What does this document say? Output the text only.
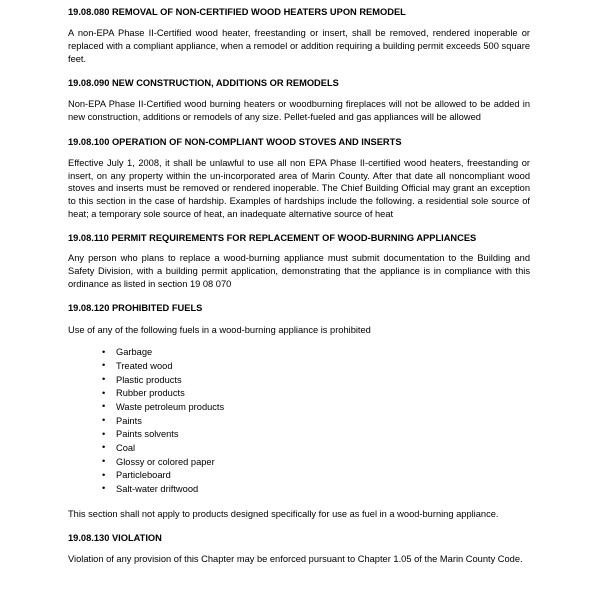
19.08.080 REMOVAL OF NON-CERTIFIED WOOD HEATERS UPON REMODEL

A non-EPA Phase II-Certified wood heater, freestanding or insert, shall be removed, rendered inoperable or replaced with a compliant appliance, when a remodel or addition requiring a building permit exceeds 500 square feet.

19.08.090 NEW CONSTRUCTION, ADDITIONS OR REMODELS

Non-EPA Phase II-Certified wood burning heaters or woodburning fireplaces will not be allowed to be added in new construction, additions or remodels of any size. Pellet-fueled and gas appliances will be allowed

19.08.100 OPERATION OF NON-COMPLIANT WOOD STOVES AND INSERTS

Effective July 1, 2008, it shall be unlawful to use all non EPA Phase II-certified wood heaters, freestanding or insert, on any property within the un-incorporated area of Marin County. After that date all noncompliant wood stoves and inserts must be removed or rendered inoperable. The Chief Building Official may grant an exception to this section in the case of hardship. Examples of hardships include the following. a residential sole source of heat; a temporary sole source of heat, an inadequate alternative source of heat

19.08.110 PERMIT REQUIREMENTS FOR REPLACEMENT OF WOOD-BURNING APPLIANCES

Any person who plans to replace a wood-burning appliance must submit documentation to the Building and Safety Division, with a building permit application, demonstrating that the appliance is in compliance with this ordinance as listed in section 19 08 070

19.08.120 PROHIBITED FUELS

Use of any of the following fuels in a wood-burning appliance is prohibited

• Garbage
• Treated wood
• Plastic products
• Rubber products
• Waste petroleum products
• Paints
• Paints solvents
• Coal
• Glossy or colored paper
• Particleboard
• Salt-water driftwood

This section shall not apply to products designed specifically for use as fuel in a wood-burning appliance.

19.08.130 VIOLATION

Violation of any provision of this Chapter may be enforced pursuant to Chapter 1.05 of the Marin County Code.
